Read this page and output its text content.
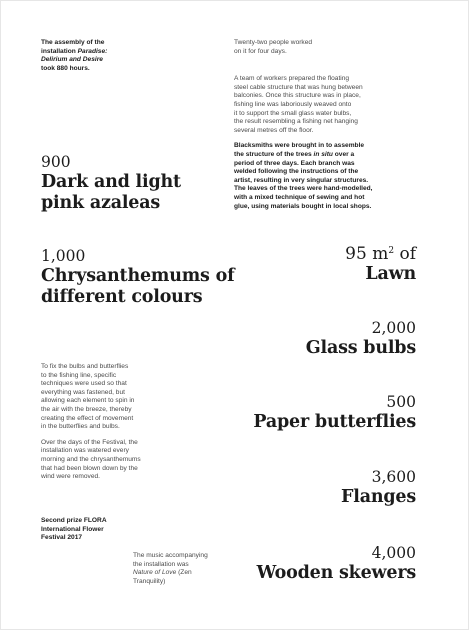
The assembly of the
installation Paradise:
Delirium and Desire
took 880 hours.
Twenty-two people worked
on it for four days.
A team of workers prepared the floating
steel cable structure that was hung between
balconies. Once this structure was in place,
fishing line was laboriously weaved onto
it to support the small glass water bulbs,
the result resembling a fishing net hanging
several metres off the floor.
Blacksmiths were brought in to assemble
the structure of the trees in situ over a
period of three days. Each branch was
welded following the instructions of the
artist, resulting in very singular structures.
The leaves of the trees were hand-modelled,
with a mixed technique of sewing and hot
glue, using materials bought in local shops.
900
Dark and light
pink azaleas
1,000
Chrysanthemums of
different colours
95 $m^2$ of
Lawn
2,000
Glass bulbs
500
Paper butterflies
3,600
Flanges
4,000
Wooden skewers
To fix the bulbs and butterflies
to the fishing line, specific
techniques were used so that
everything was fastened, but
allowing each element to spin in
the air with the breeze, thereby
creating the effect of movement
in the butterflies and bulbs.
Over the days of the Festival, the
installation was watered every
morning and the chrysanthemums
that had been blown down by the
wind were removed.
Second prize FLORA
International Flower
Festival 2017
The music accompanying
the installation was
Nature of Love (Zen
Tranquility)
